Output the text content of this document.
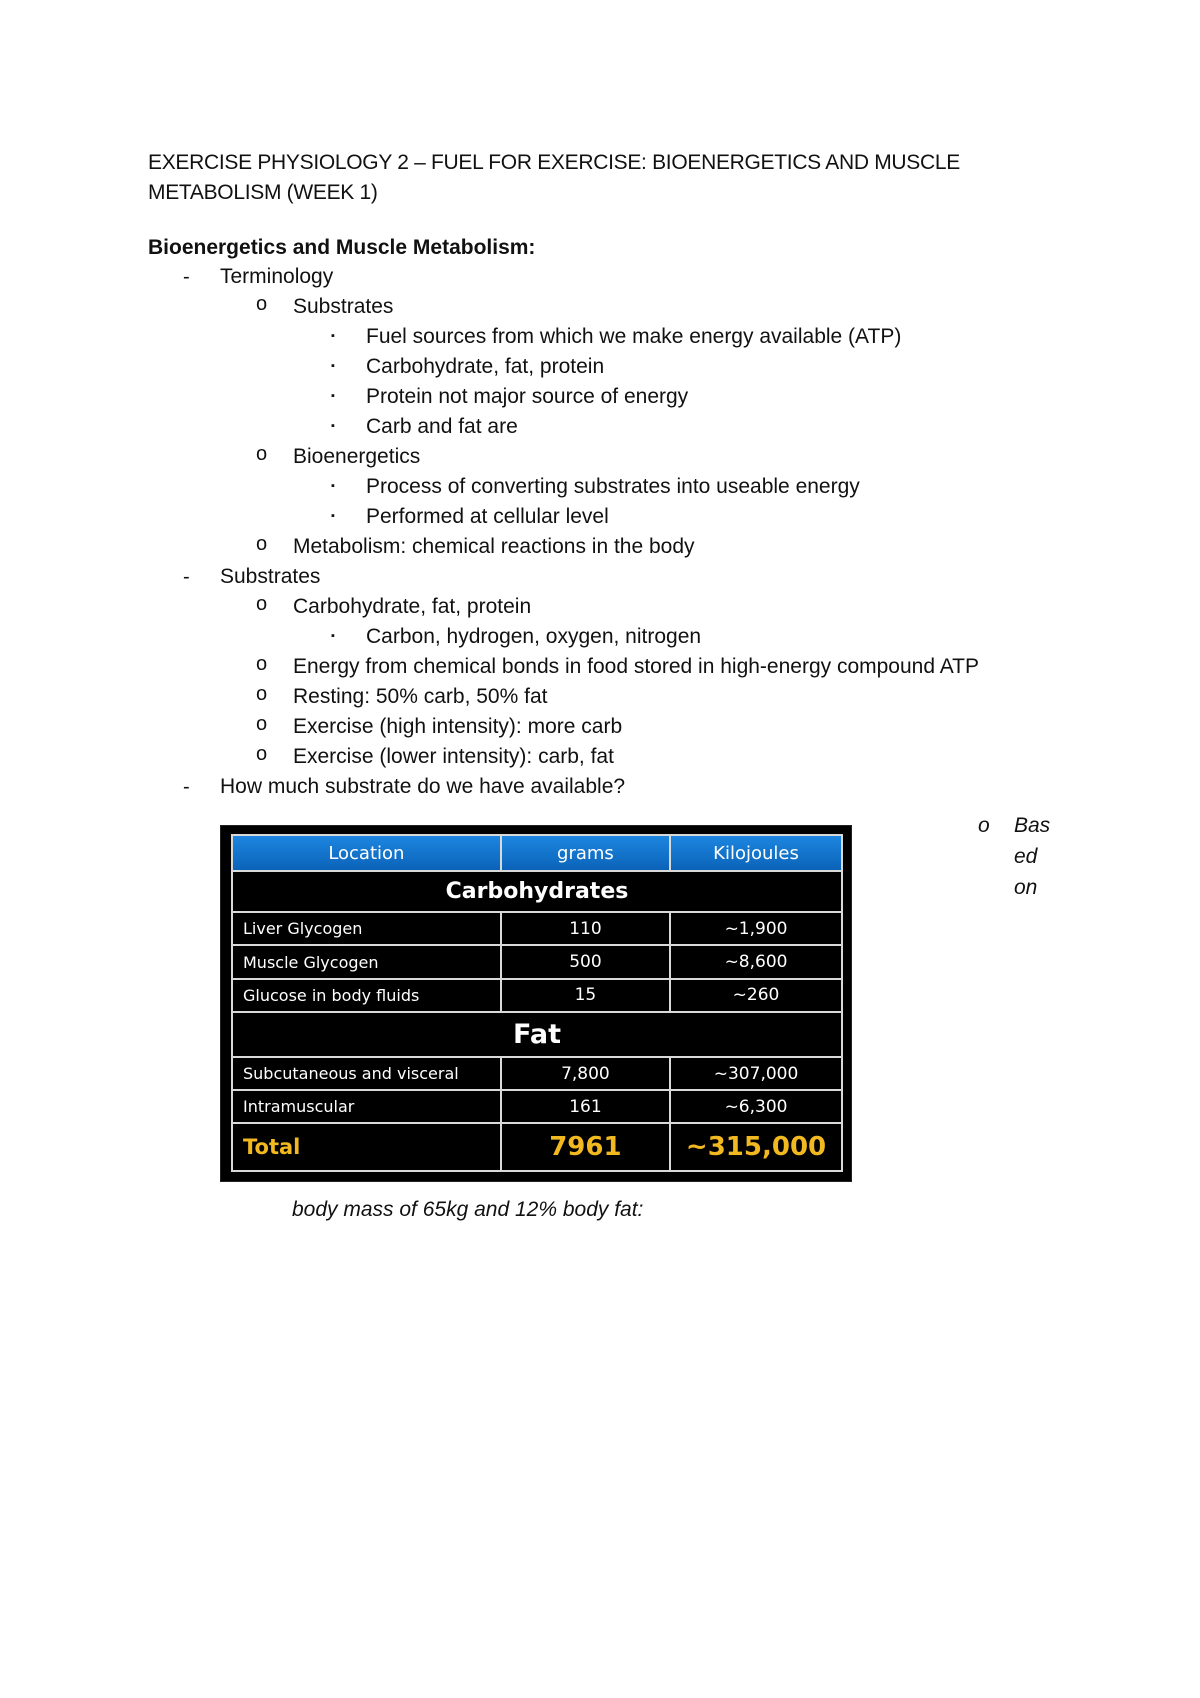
EXERCISE PHYSIOLOGY 2 – FUEL FOR EXERCISE: BIOENERGETICS AND MUSCLE METABOLISM (WEEK 1)
Bioenergetics and Muscle Metabolism:
- Terminology
o Substrates
▪ Fuel sources from which we make energy available (ATP)
▪ Carbohydrate, fat, protein
▪ Protein not major source of energy
▪ Carb and fat are
o Bioenergetics
▪ Process of converting substrates into useable energy
▪ Performed at cellular level
o Metabolism: chemical reactions in the body
- Substrates
o Carbohydrate, fat, protein
▪ Carbon, hydrogen, oxygen, nitrogen
o Energy from chemical bonds in food stored in high-energy compound ATP
o Resting: 50% carb, 50% fat
o Exercise (high intensity): more carb
o Exercise (lower intensity): carb, fat
- How much substrate do we have available?
o Bas
ed
on
Location	grams	Kilojoules
Carbohydrates		
Liver Glycogen	110	~1,900
Muscle Glycogen	500	~8,600
Glucose in body fluids	15	~260
Fat		
Subcutaneous and visceral	7,800	~307,000
Intramuscular	161	~6,300
Total	7961	~315,000
body mass of 65kg and 12% body fat:
